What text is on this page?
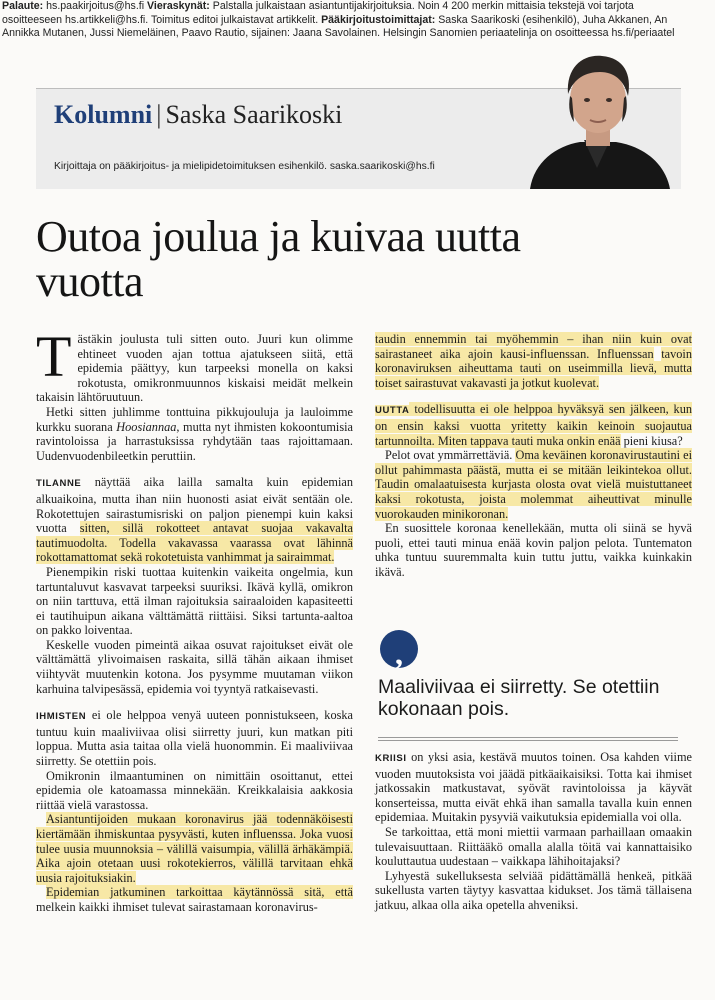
Palaute: hs.paakirjoitus@hs.fi Vieraskynät: Palstalla julkaistaan asiantuntijakirjoituksia. Noin 4 200 merkin mittaisia tekstejä voi tarjota
osoitteeseen hs.artikkeli@hs.fi. Toimitus editoi julkaistavat artikkelit. Pääkirjoitustoimittajat: Saska Saarikoski (esihenkilö), Juha Akkanen, An
Annikka Mutanen, Jussi Niemeläinen, Paavo Rautio, sijainen: Jaana Savolainen. Helsingin Sanomien periaatelinja on osoitteessa hs.fi/periaatel
Kolumni | Saska Saarikoski
Kirjoittaja on pääkirjoitus- ja mielipidetoimituksen esihenkilö. saska.saarikoski@hs.fi
Outoa joulua ja kuivaa uutta vuotta

Tästäkin joulusta tuli sitten outo. Juuri kun olimme ehtineet vuoden ajan tottua ajatukseen siitä, että epidemia päättyy, kun tarpeeksi monella on kaksi rokotusta, omikronmuunnos kiskaisi meidät melkein takaisin lähtöruutuun.

Hetki sitten juhlimme tonttuina pikkujouluja ja lauloimme kurkku suorana Hoosiannaa, mutta nyt ihmisten kokoontumisia ravintoloissa ja harrastuksissa ryhdytään taas rajoittamaan. Uudenvuodenbileetkin peruttiin.

TILANNE näyttää aika lailla samalta kuin epidemian alkuaikoina, mutta ihan niin huonosti asiat eivät sentään ole. Rokotettujen sairastumisriski on paljon pienempi kuin kaksi vuotta sitten, sillä rokotteet antavat suojaa vakavalta tautimuodolta. Todella vakavassa vaarassa ovat lähinnä rokottamattomat sekä rokotetuista vanhimmat ja sairaimmat.

Pienempikin riski tuottaa kuitenkin vaikeita ongelmia, kun tartuntaluvut kasvavat tarpeeksi suuriksi. Ikävä kyllä, omikron on niin tarttuva, että ilman rajoituksia sairaaloiden kapasiteetti ei tautihuipun aikana välttämättä riittäisi. Siksi tartunta-aaltoa on pakko loiventaa.

Keskelle vuoden pimeintä aikaa osuvat rajoitukset eivät ole välttämättä ylivoimaisen raskaita, sillä tähän aikaan ihmiset viihtyvät muutenkin kotona. Jos pysymme muutaman viikon karhuina talvipesässä, epidemia voi tyyntyä ratkaisevasti.

IHMISTEN ei ole helppoa venyä uuteen ponnistukseen, koska tuntuu kuin maaliviivaa olisi siirretty juuri, kun matkan piti loppua. Mutta asia taitaa olla vielä huonommin. Ei maaliviivaa siirretty. Se otettiin pois.

Omikronin ilmaantuminen on nimittäin osoittanut, ettei epidemia ole katoamassa minnekään. Kreikkalaisia aakkosia riittää vielä varastossa.

Asiantuntijoiden mukaan koronavirus jää todennäköisesti kiertämään ihmiskuntaa pysyvästi, kuten influenssa. Joka vuosi tulee uusia muunnoksia – välillä vaisumpia, välillä ärhäkämpiä. Aika ajoin otetaan uusi rokotekierros, välillä tarvitaan ehkä uusia rajoituksiakin.

Epidemian jatkuminen tarkoittaa käytännössä sitä, että melkein kaikki ihmiset tulevat sairastamaan koronavirus-

taudin ennemmin tai myöhemmin – ihan niin kuin ovat sairastaneet aika ajoin kausi-influenssan. Influenssan tavoin koronaviruksen aiheuttama tauti on useimmilla lievä, mutta toiset sairastuvat vakavasti ja jotkut kuolevat.

UUTTA todellisuutta ei ole helppoa hyväksyä sen jälkeen, kun on ensin kaksi vuotta yritetty kaikin keinoin suojautua tartunnoilta. Miten tappava tauti muka onkin enää pieni kiusa?

Pelot ovat ymmärrettäviä. Oma keväinen koronavirustautini ei ollut pahimmasta päästä, mutta ei se mitään leikintekoa ollut. Taudin omalaatuisesta kurjasta olosta ovat vielä muistuttaneet kaksi rokotusta, joista molemmat aiheuttivat minulle vuorokauden minikoronan.

En suosittele koronaa kenellekään, mutta oli siinä se hyvä puoli, ettei tauti minua enää kovin paljon pelota. Tuntematon uhka tuntuu suuremmalta kuin tuttu juttu, vaikka kuinkakin ikävä.

,
Maaliviivaa ei siirretty. Se otettiin kokonaan pois.

KRIISI on yksi asia, kestävä muutos toinen. Osa kahden viime vuoden muutoksista voi jäädä pitkäaikaisiksi. Totta kai ihmiset jatkossakin matkustavat, syövät ravintoloissa ja käyvät konserteissa, mutta eivät ehkä ihan samalla tavalla kuin ennen epidemiaa. Muitakin pysyviä vaikutuksia epidemialla voi olla.

Se tarkoittaa, että moni miettii varmaan parhaillaan omaakin tulevaisuuttaan. Riittääkö omalla alalla töitä vai kannattaisiko kouluttautua uudestaan – vaikkapa lähihoitajaksi?

Lyhyestä sukelluksesta selviää pidättämällä henkeä, pitkää sukellusta varten täytyy kasvattaa kidukset. Jos tämä tällaisena jatkuu, alkaa olla aika opetella ahveniksi.
